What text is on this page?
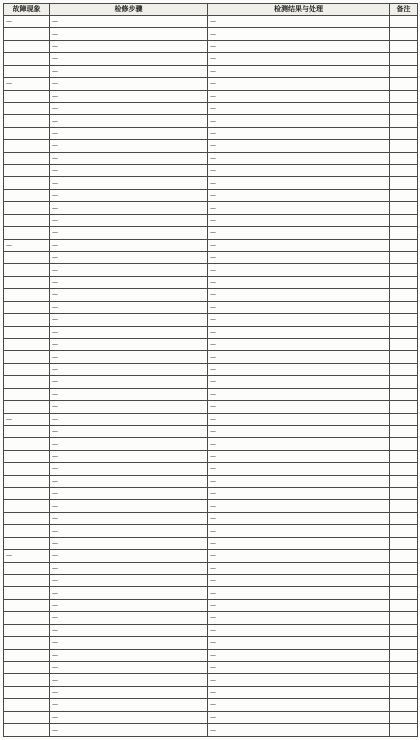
故障现象	检修步骤	检测结果与处理	备注
—	—	—	
	—	—	
	—	—	
	—	—	
	—	—	
—	—	—	
	—	—	
	—	—	
	—	—	
	—	—	
	—	—	
	—	—	
	—	—	
	—	—	
	—	—	
	—	—	
	—	—	
	—	—	
—	—	—	
	—	—	
	—	—	
	—	—	
	—	—	
	—	—	
	—	—	
	—	—	
	—	—	
	—	—	
	—	—	
	—	—	
	—	—	
	—	—	
—	—	—	
	—	—	
	—	—	
	—	—	
	—	—	
	—	—	
	—	—	
	—	—	
	—	—	
	—	—	
	—	—	
—	—	—	
	—	—	
	—	—	
	—	—	
	—	—	
	—	—	
	—	—	
	—	—	
	—	—	
	—	—	
	—	—	
	—	—	
	—	—	
	—	—	
	—	—	
